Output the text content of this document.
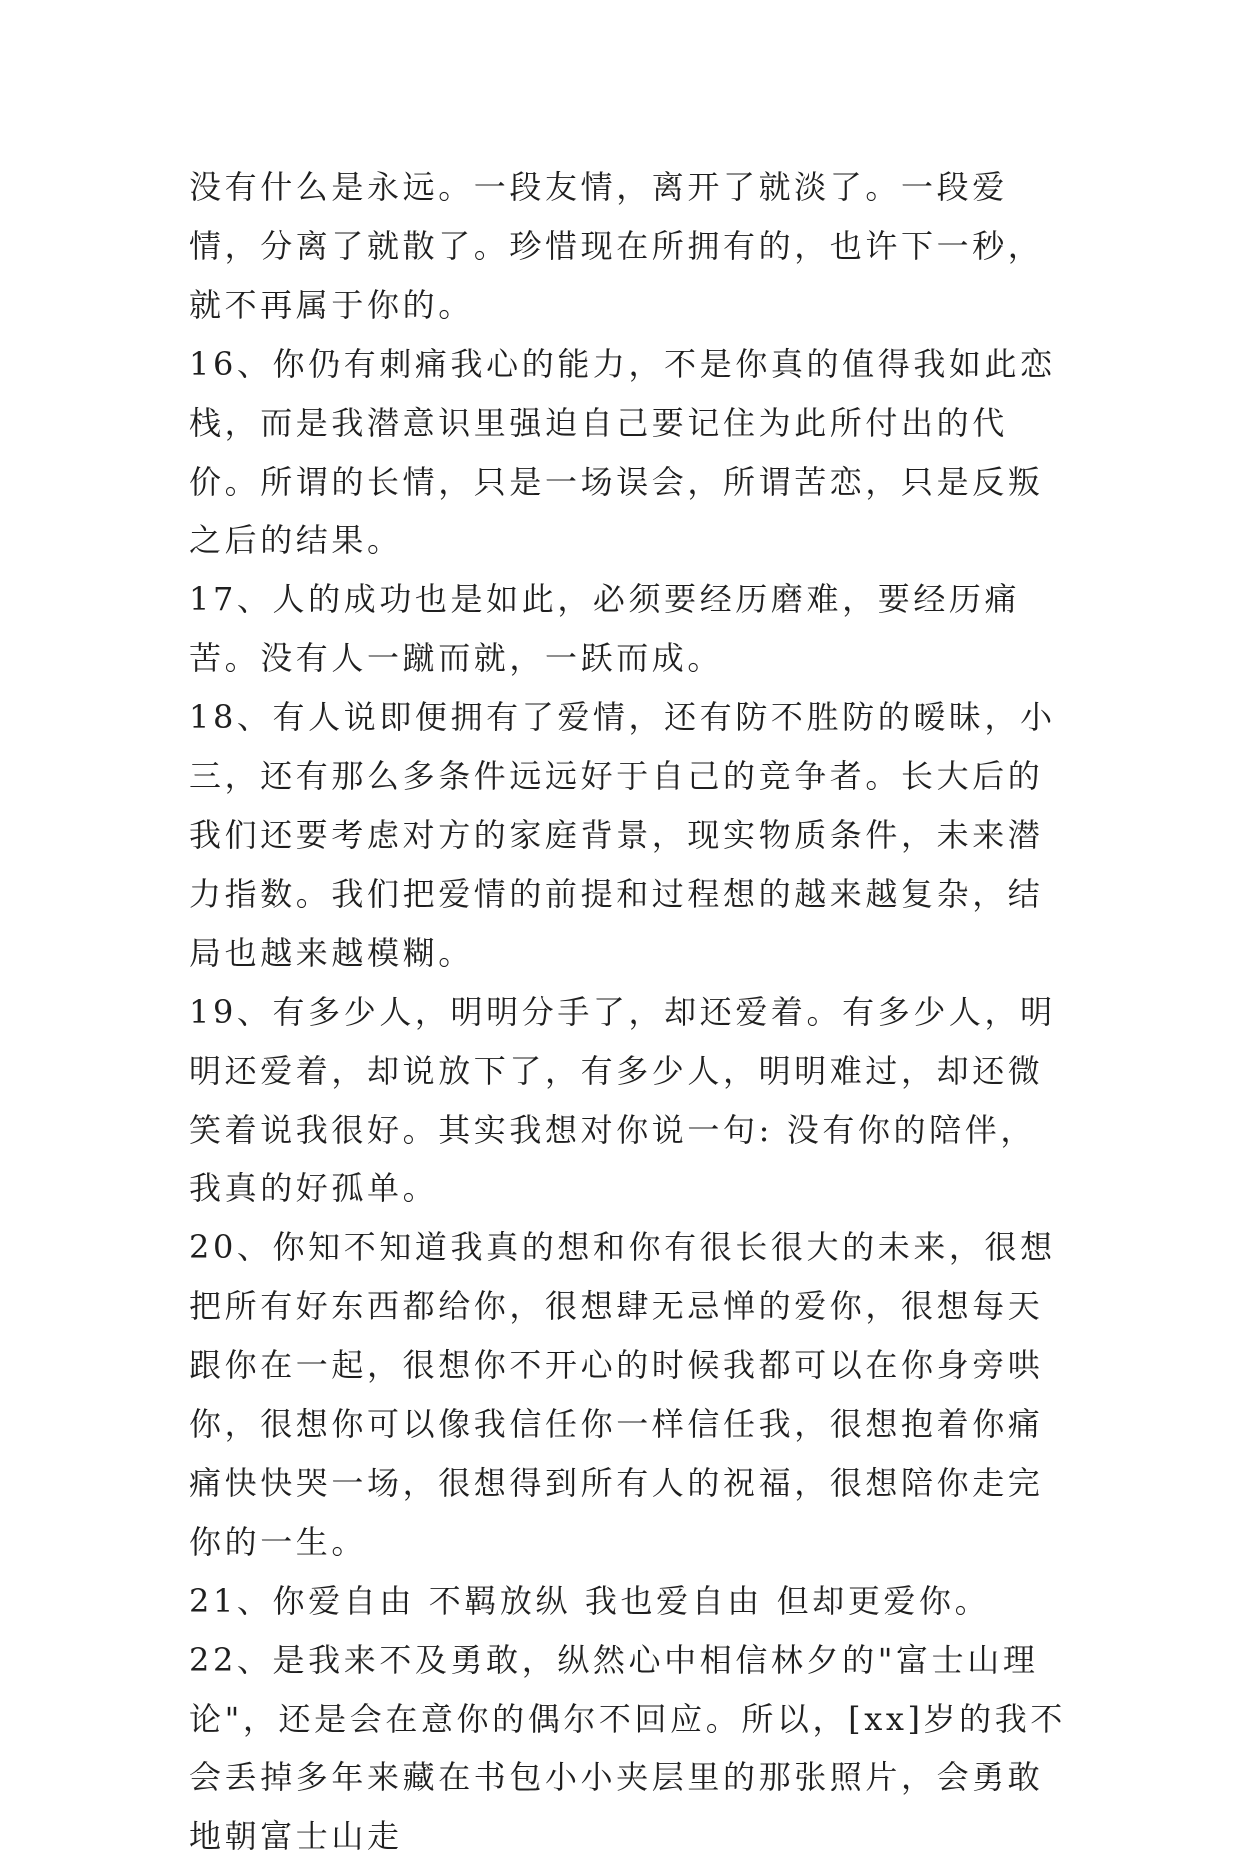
没有什么是永远。一段友情，离开了就淡了。一段爱情，分离了就散了。珍惜现在所拥有的，也许下一秒，就不再属于你的。

16、你仍有刺痛我心的能力，不是你真的值得我如此恋栈，而是我潜意识里强迫自己要记住为此所付出的代价。所谓的长情，只是一场误会，所谓苦恋，只是反叛之后的结果。

17、人的成功也是如此，必须要经历磨难，要经历痛苦。没有人一蹴而就，一跃而成。

18、有人说即便拥有了爱情，还有防不胜防的暧昧，小三，还有那么多条件远远好于自己的竞争者。长大后的我们还要考虑对方的家庭背景，现实物质条件，未来潜力指数。我们把爱情的前提和过程想的越来越复杂，结局也越来越模糊。

19、有多少人，明明分手了，却还爱着。有多少人，明明还爱着，却说放下了，有多少人，明明难过，却还微笑着说我很好。其实我想对你说一句: 没有你的陪伴，我真的好孤单。

20、你知不知道我真的想和你有很长很大的未来，很想把所有好东西都给你，很想肆无忌惮的爱你，很想每天跟你在一起，很想你不开心的时候我都可以在你身旁哄你，很想你可以像我信任你一样信任我，很想抱着你痛痛快快哭一场，很想得到所有人的祝福，很想陪你走完你的一生。

21、你爱自由 不羁放纵 我也爱自由 但却更爱你。

22、是我来不及勇敢，纵然心中相信林夕的"富士山理论"，还是会在意你的偶尔不回应。所以，[xx]岁的我不会丢掉多年来藏在书包小小夹层里的那张照片，会勇敢地朝富士山走
